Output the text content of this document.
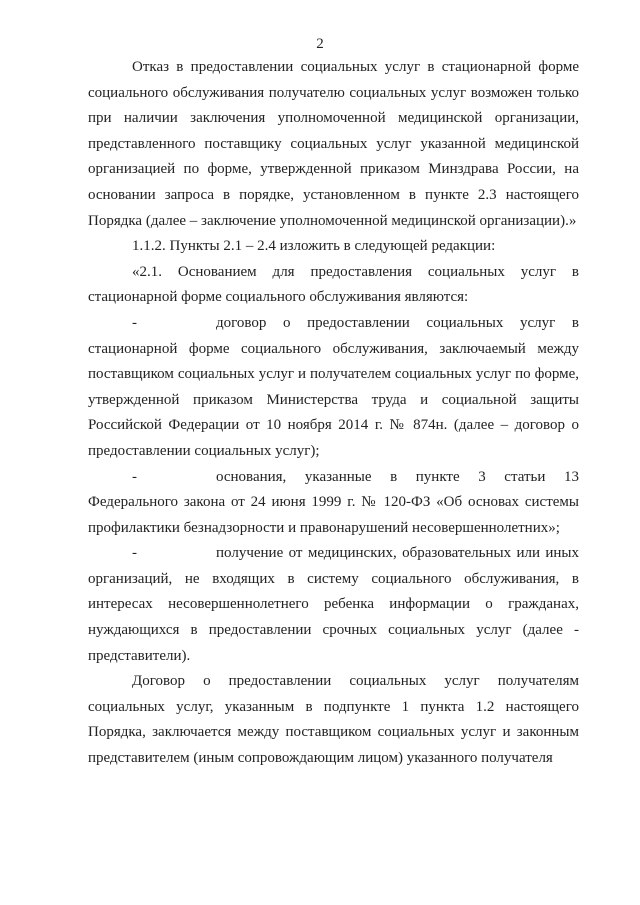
2

Отказ в предоставлении социальных услуг в стационарной форме социального обслуживания получателю социальных услуг возможен только при наличии заключения уполномоченной медицинской организации, представленного поставщику социальных услуг указанной медицинской организацией по форме, утвержденной приказом Минздрава России, на основании запроса в порядке, установленном в пункте 2.3 настоящего Порядка (далее – заключение уполномоченной медицинской организации).»

1.1.2. Пункты 2.1 – 2.4 изложить в следующей редакции:

«2.1. Основанием для предоставления социальных услуг в стационарной форме социального обслуживания являются:

-	договор о предоставлении социальных услуг в стационарной форме социального обслуживания, заключаемый между поставщиком социальных услуг и получателем социальных услуг по форме, утвержденной приказом Министерства труда и социальной защиты Российской Федерации от 10 ноября 2014 г. № 874н. (далее – договор о предоставлении социальных услуг);

-	основания, указанные в пункте 3 статьи 13 Федерального закона от 24 июня 1999 г. № 120-ФЗ «Об основах системы профилактики безнадзорности и правонарушений несовершеннолетних»;

-	получение от медицинских, образовательных или иных организаций, не входящих в систему социального обслуживания, в интересах несовершеннолетнего ребенка информации о гражданах, нуждающихся в предоставлении срочных социальных услуг (далее - представители).

Договор о предоставлении социальных услуг получателям социальных услуг, указанным в подпункте 1 пункта 1.2 настоящего Порядка, заключается между поставщиком социальных услуг и законным представителем (иным сопровождающим лицом) указанного получателя
